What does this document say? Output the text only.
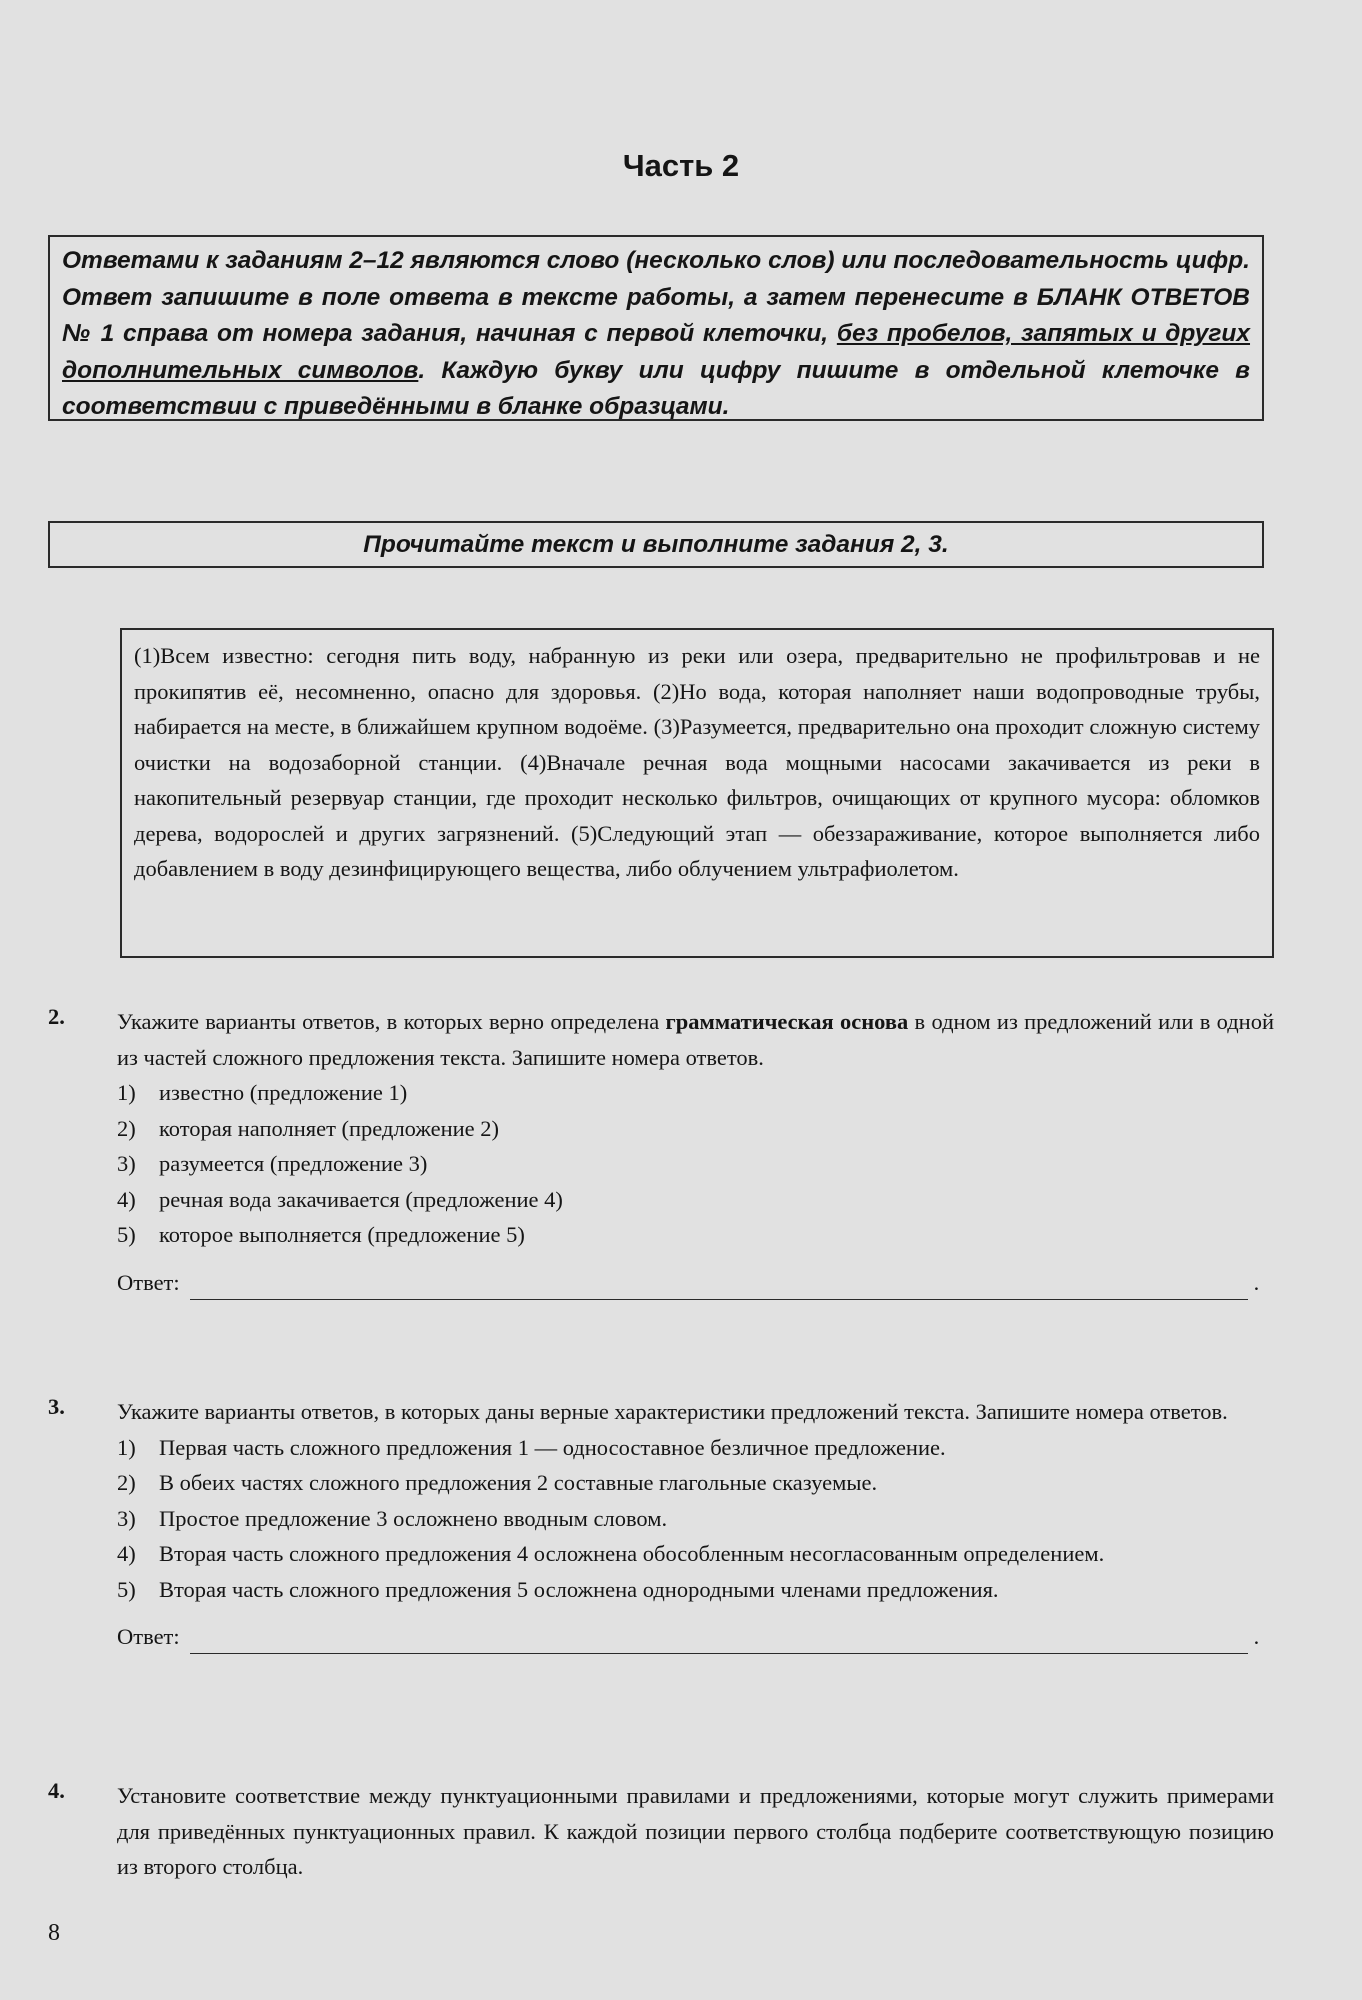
Часть 2
Ответами к заданиям 2–12 являются слово (несколько слов) или последовательность цифр. Ответ запишите в поле ответа в тексте работы, а затем перенесите в БЛАНК ОТВЕТОВ № 1 справа от номера задания, начиная с первой клеточки, без пробелов, запятых и других дополнительных символов. Каждую букву или цифру пишите в отдельной клеточке в соответствии с приведёнными в бланке образцами.
Прочитайте текст и выполните задания 2, 3.
(1)Всем известно: сегодня пить воду, набранную из реки или озера, предварительно не профильтровав и не прокипятив её, несомненно, опасно для здоровья. (2)Но вода, которая наполняет наши водопроводные трубы, набирается на месте, в ближайшем крупном водоёме. (3)Разумеется, предварительно она проходит сложную систему очистки на водозаборной станции. (4)Вначале речная вода мощными насосами закачивается из реки в накопительный резервуар станции, где проходит несколько фильтров, очищающих от крупного мусора: обломков дерева, водорослей и других загрязнений. (5)Следующий этап — обеззараживание, которое выполняется либо добавлением в воду дезинфицирующего вещества, либо облучением ультрафиолетом.
2.	Укажите варианты ответов, в которых верно определена грамматическая основа в одном из предложений или в одной из частей сложного предложения текста. Запишите номера ответов.
1)	известно (предложение 1)
2)	которая наполняет (предложение 2)
3)	разумеется (предложение 3)
4)	речная вода закачивается (предложение 4)
5)	которое выполняется (предложение 5)
Ответ:	.
3.	Укажите варианты ответов, в которых даны верные характеристики предложений текста. Запишите номера ответов.
1)	Первая часть сложного предложения 1 — односоставное безличное предложение.
2)	В обеих частях сложного предложения 2 составные глагольные сказуемые.
3)	Простое предложение 3 осложнено вводным словом.
4)	Вторая часть сложного предложения 4 осложнена обособленным несогласованным определением.
5)	Вторая часть сложного предложения 5 осложнена однородными членами предложения.
Ответ:	.
4.	Установите соответствие между пунктуационными правилами и предложениями, которые могут служить примерами для приведённых пунктуационных правил. К каждой позиции первого столбца подберите соответствующую позицию из второго столбца.
8
